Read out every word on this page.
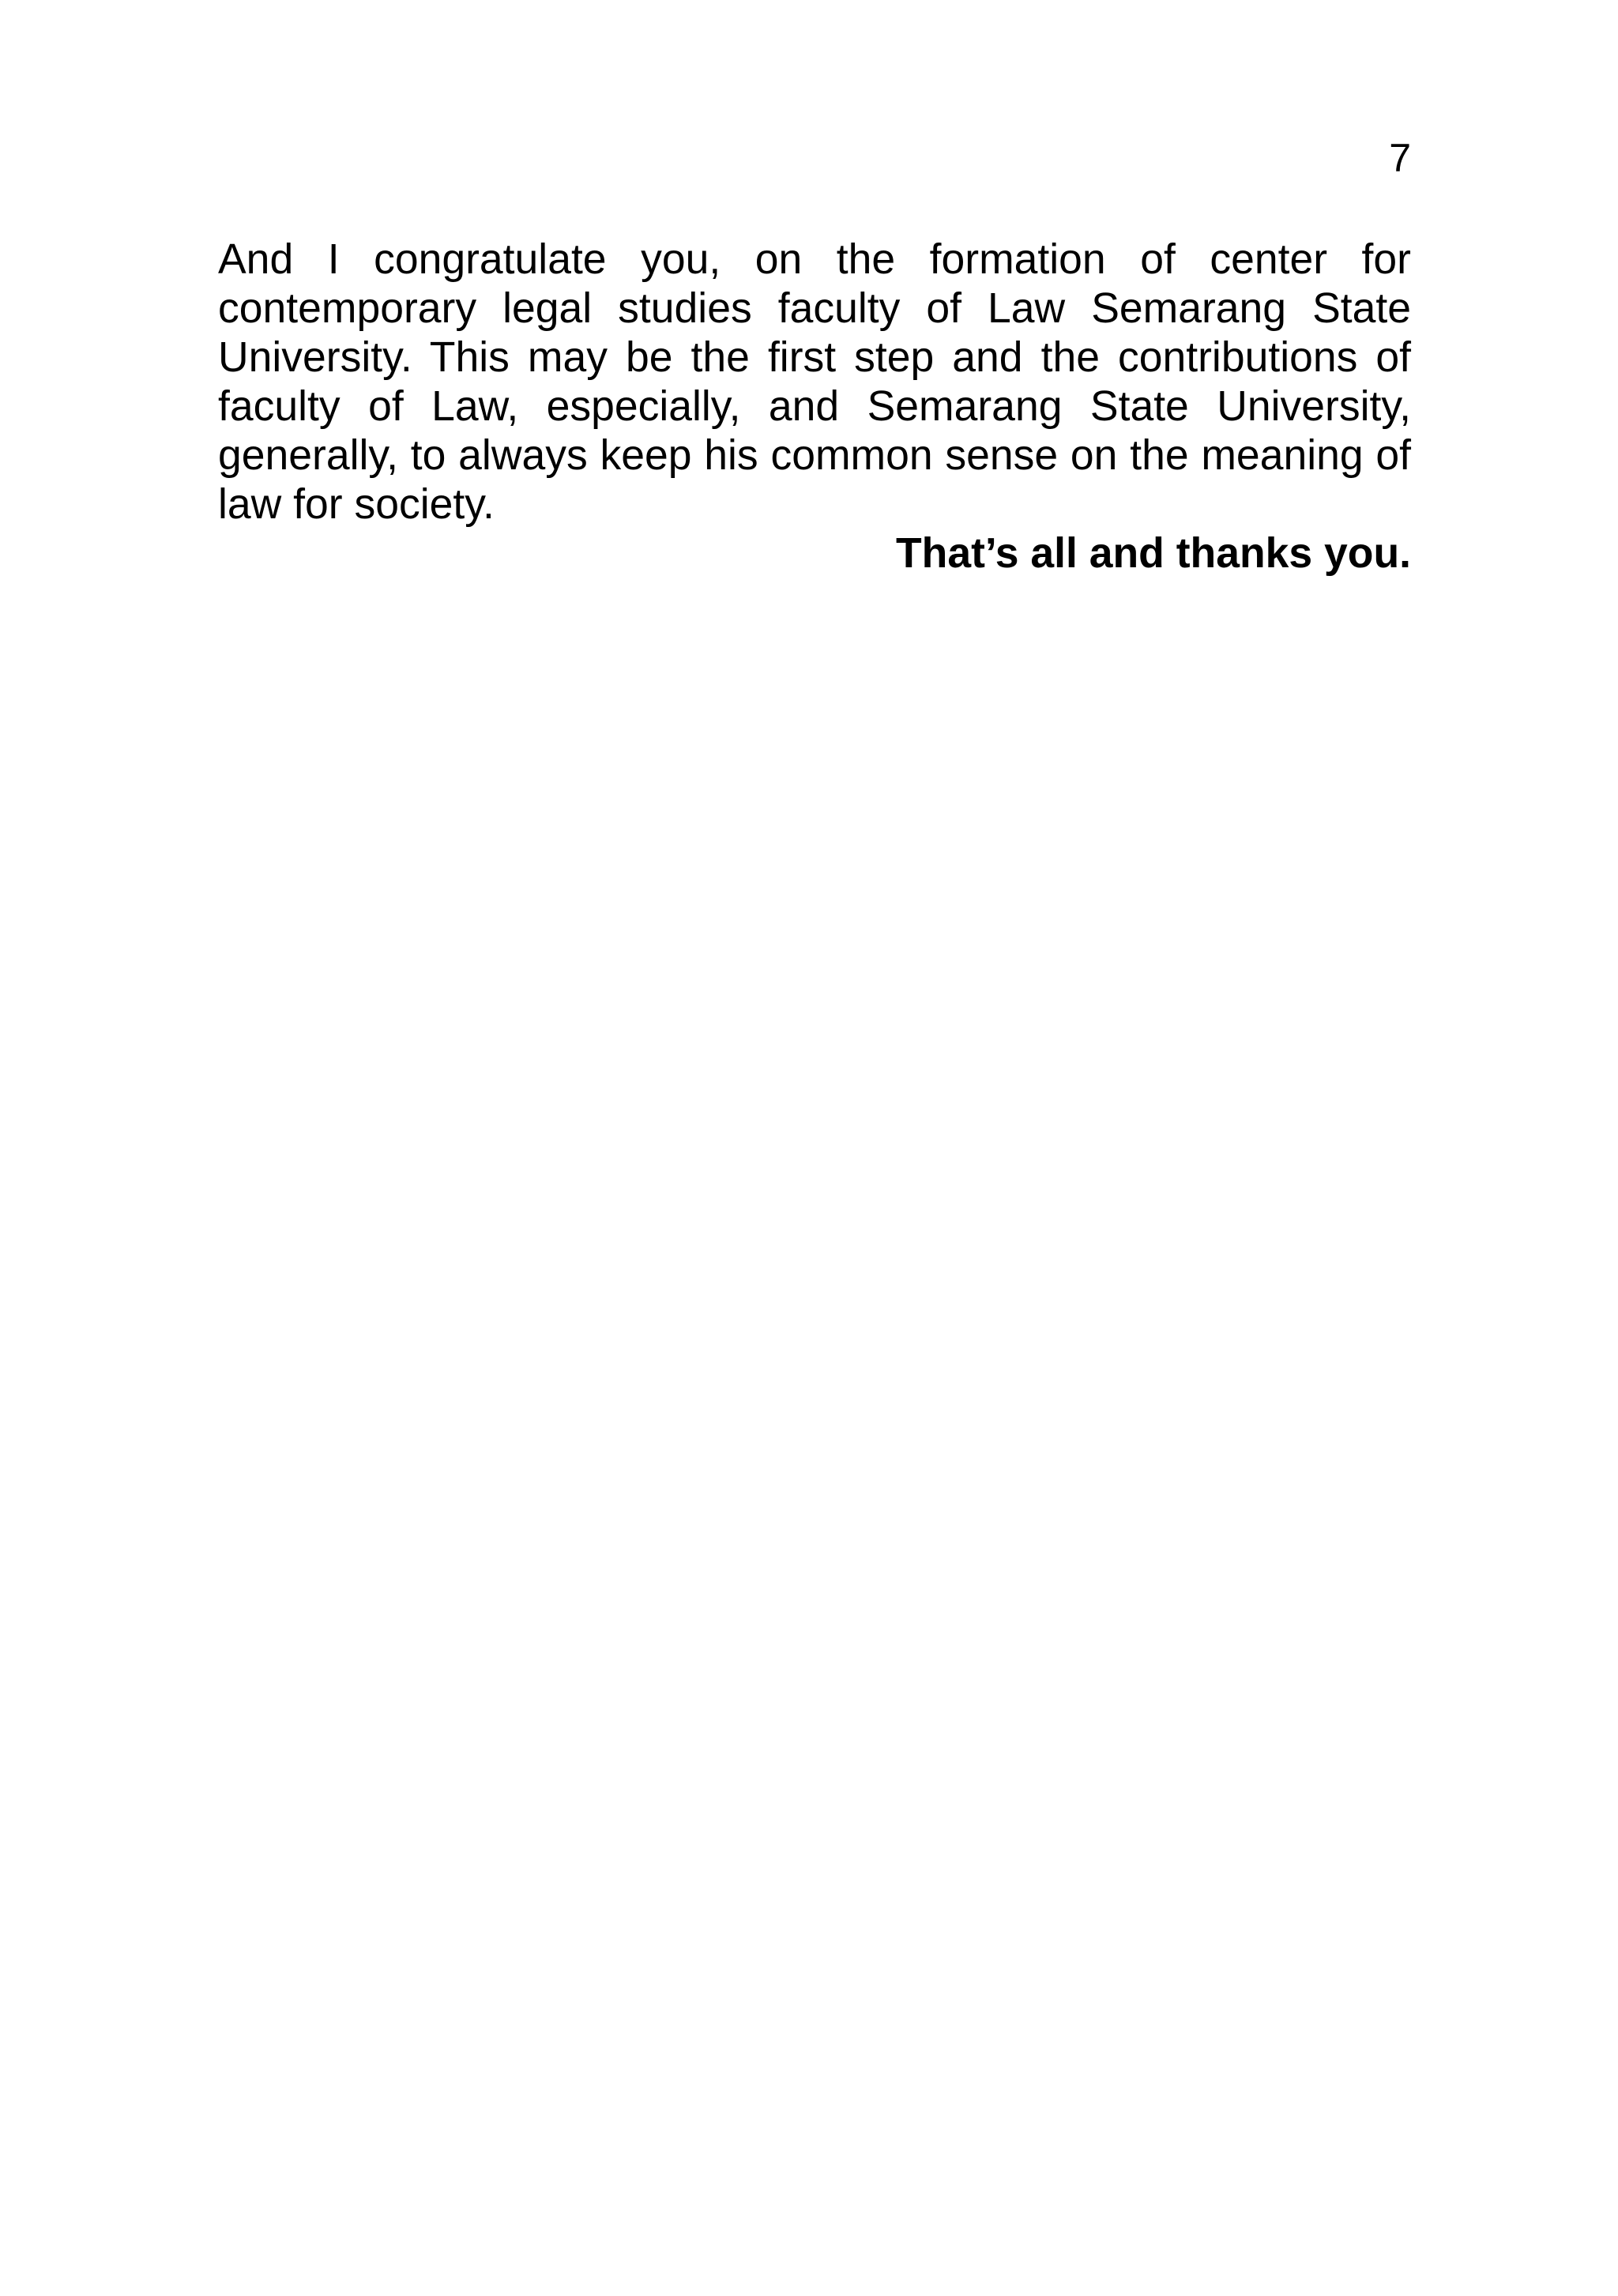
7

And I congratulate you, on the formation of center for contemporary legal studies faculty of Law Semarang State University. This may be the first step and the contributions of faculty of Law, especially, and Semarang State University, generally, to always keep his common sense on the meaning of law for society.

That’s all and thanks you.
